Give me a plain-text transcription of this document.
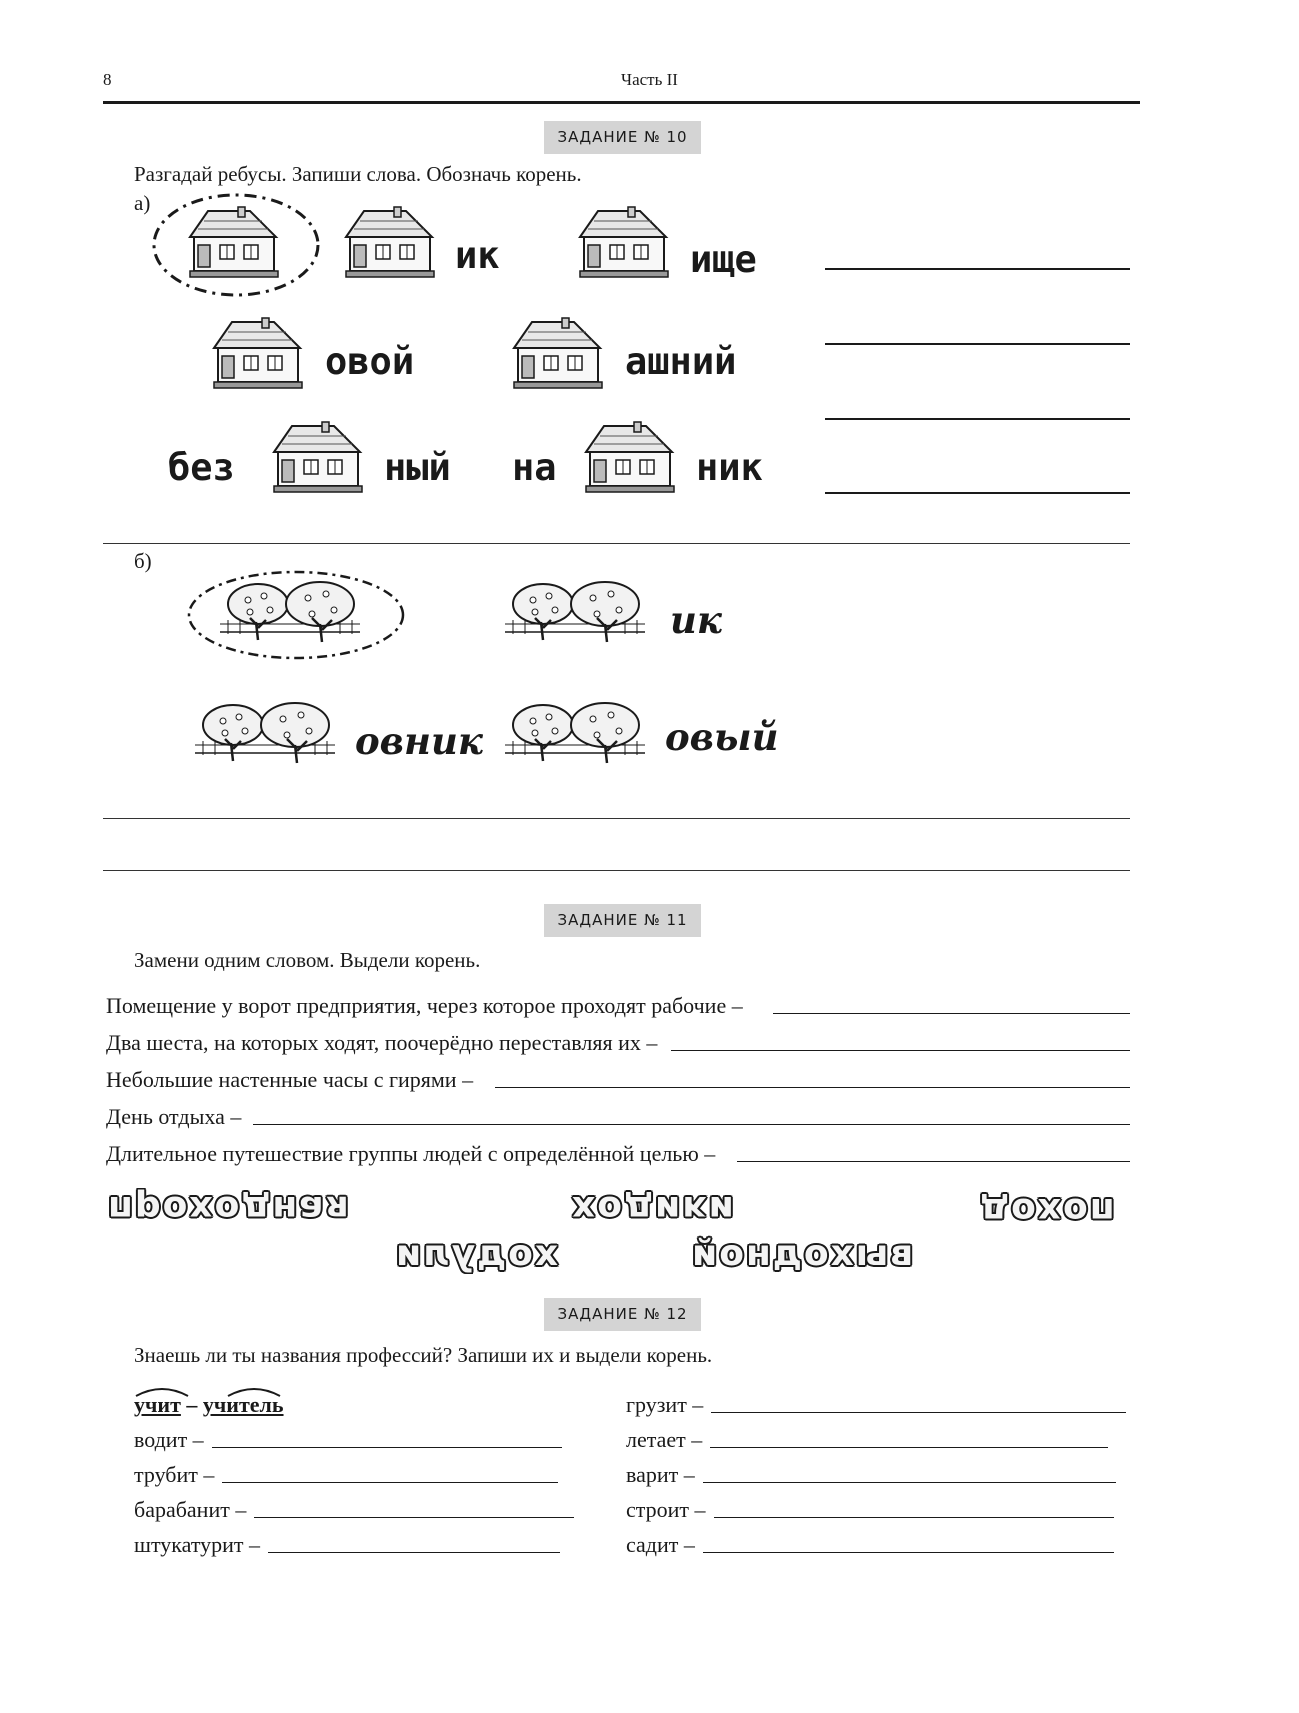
8	Часть II
ЗАДАНИЕ № 10
Разгадай ребусы. Запиши слова. Обозначь корень.
а)
ик	ище
овой	ашний
без	ный на	ник
б)
ик
овник	овый
ЗАДАНИЕ № 11
Замени одним словом. Выдели корень.
Помещение у ворот предприятия, через которое проходят рабочие –
Два шеста, на которых ходят, поочерёдно переставляя их –
Небольшие настенные часы с гирями –
День отдыха –
Длительное путешествие группы людей с определённой целью –
проходная	ходики	поход
ходули	выходной
ЗАДАНИЕ № 12
Знаешь ли ты названия профессий? Запиши их и выдели корень.
учит – учитель
водит –
трубит –
барабанит –
штукатурит –
грузит –
летает –
варит –
строит –
садит –
